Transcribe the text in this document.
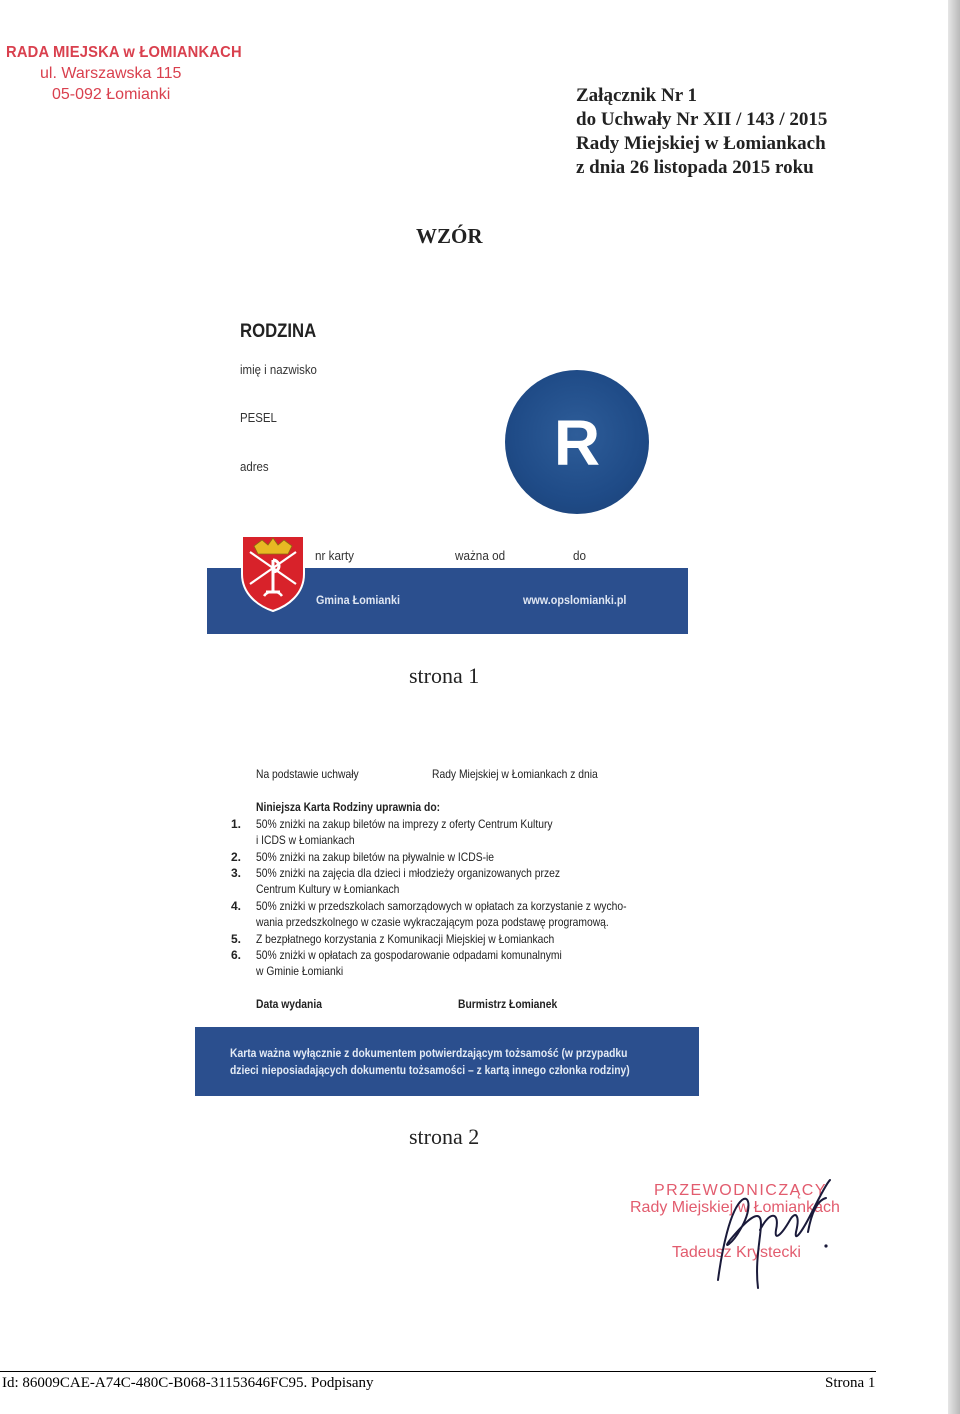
RADA MIEJSKA w ŁOMIANKACH
ul. Warszawska 115
05-092 Łomianki	Załącznik Nr 1
do Uchwały Nr XII / 143 / 2015
Rady Miejskiej w Łomiankach
z dnia 26 listopada 2015 roku
WZÓR
RODZINA
imię i nazwisko
PESEL
adres	R
nr karty	ważna od	do
Gmina Łomianki	www.opslomianki.pl
strona 1
Na podstawie uchwały	Rady Miejskiej w Łomiankach z dnia
Niniejsza Karta Rodziny uprawnia do:
1. 50% zniżki na zakup biletów na imprezy z oferty Centrum Kultury
i ICDS w Łomiankach
2. 50% zniżki na zakup biletów na pływalnie w ICDS-ie
3. 50% zniżki na zajęcia dla dzieci i młodzieży organizowanych przez
Centrum Kultury w Łomiankach
4. 50% zniżki w przedszkolach samorządowych w opłatach za korzystanie z wycho-
wania przedszkolnego w czasie wykraczającym poza podstawę programową.
5. Z bezpłatnego korzystania z Komunikacji Miejskiej w Łomiankach
6. 50% zniżki w opłatach za gospodarowanie odpadami komunalnymi
w Gminie Łomianki
Data wydania	Burmistrz Łomianek
Karta ważna wyłącznie z dokumentem potwierdzającym tożsamość (w przypadku
dzieci nieposiadających dokumentu tożsamości – z kartą innego członka rodziny)
strona 2
PRZEWODNICZĄCY
Rady Miejskiej w Łomiankach
Tadeusz Krystecki
Id: 86009CAE-A74C-480C-B068-31153646FC95. Podpisany	Strona 1
